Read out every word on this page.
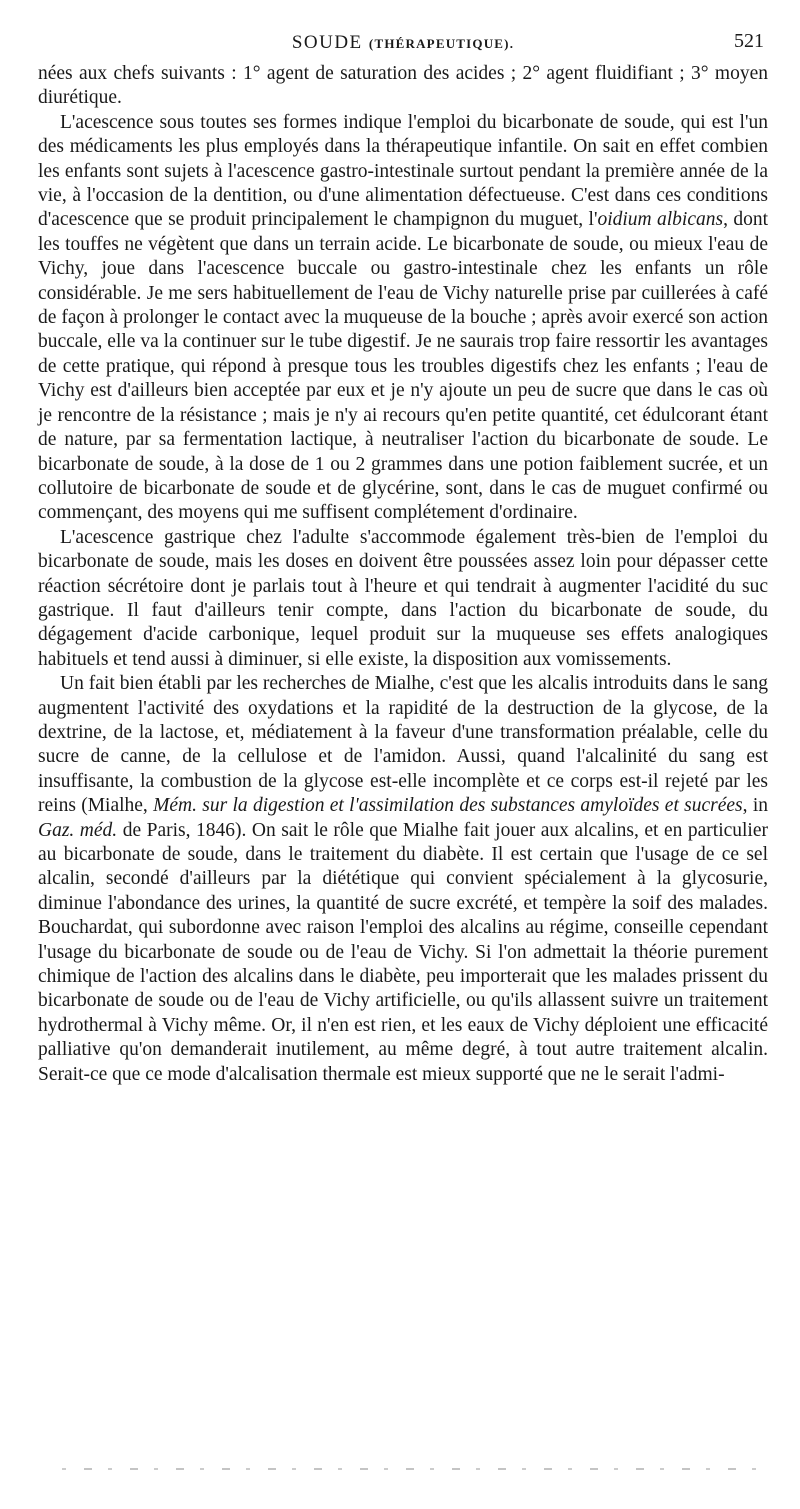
SOUDE (THÉRAPEUTIQUE).	521

nées aux chefs suivants : 1° agent de saturation des acides ; 2° agent fluidifiant ; 3° moyen diurétique.

L'acescence sous toutes ses formes indique l'emploi du bicarbonate de soude, qui est l'un des médicaments les plus employés dans la thérapeutique infantile. On sait en effet combien les enfants sont sujets à l'acescence gastro-intestinale surtout pendant la première année de la vie, à l'occasion de la dentition, ou d'une alimentation défectueuse. C'est dans ces conditions d'acescence que se produit principalement le champignon du muguet, l'oidium albicans, dont les touffes ne végètent que dans un terrain acide. Le bicarbonate de soude, ou mieux l'eau de Vichy, joue dans l'acescence buccale ou gastro-intestinale chez les enfants un rôle considérable. Je me sers habituellement de l'eau de Vichy naturelle prise par cuillerées à café de façon à prolonger le contact avec la muqueuse de la bouche ; après avoir exercé son action buccale, elle va la continuer sur le tube digestif. Je ne saurais trop faire ressortir les avantages de cette pratique, qui répond à presque tous les troubles digestifs chez les enfants ; l'eau de Vichy est d'ailleurs bien acceptée par eux et je n'y ajoute un peu de sucre que dans le cas où je rencontre de la résistance ; mais je n'y ai recours qu'en petite quantité, cet édulcorant étant de nature, par sa fermentation lactique, à neutraliser l'action du bicarbonate de soude. Le bicarbonate de soude, à la dose de 1 ou 2 grammes dans une potion faiblement sucrée, et un collutoire de bicarbonate de soude et de glycérine, sont, dans le cas de muguet confirmé ou commençant, des moyens qui me suffisent complétement d'ordinaire.

L'acescence gastrique chez l'adulte s'accommode également très-bien de l'emploi du bicarbonate de soude, mais les doses en doivent être poussées assez loin pour dépasser cette réaction sécrétoire dont je parlais tout à l'heure et qui tendrait à augmenter l'acidité du suc gastrique. Il faut d'ailleurs tenir compte, dans l'action du bicarbonate de soude, du dégagement d'acide carbonique, lequel produit sur la muqueuse ses effets analogiques habituels et tend aussi à diminuer, si elle existe, la disposition aux vomissements.

Un fait bien établi par les recherches de Mialhe, c'est que les alcalis introduits dans le sang augmentent l'activité des oxydations et la rapidité de la destruction de la glycose, de la dextrine, de la lactose, et, médiatement à la faveur d'une transformation préalable, celle du sucre de canne, de la cellulose et de l'amidon. Aussi, quand l'alcalinité du sang est insuffisante, la combustion de la glycose est-elle incomplète et ce corps est-il rejeté par les reins (Mialhe, Mém. sur la digestion et l'assimilation des substances amyloïdes et sucrées, in Gaz. méd. de Paris, 1846). On sait le rôle que Mialhe fait jouer aux alcalins, et en particulier au bicarbonate de soude, dans le traitement du diabète. Il est certain que l'usage de ce sel alcalin, secondé d'ailleurs par la diététique qui convient spécialement à la glycosurie, diminue l'abondance des urines, la quantité de sucre excrété, et tempère la soif des malades. Bouchardat, qui subordonne avec raison l'emploi des alcalins au régime, conseille cependant l'usage du bicarbonate de soude ou de l'eau de Vichy. Si l'on admettait la théorie purement chimique de l'action des alcalins dans le diabète, peu importerait que les malades prissent du bicarbonate de soude ou de l'eau de Vichy artificielle, ou qu'ils allassent suivre un traitement hydrothermal à Vichy même. Or, il n'en est rien, et les eaux de Vichy déploient une efficacité palliative qu'on demanderait inutilement, au même degré, à tout autre traitement alcalin. Serait-ce que ce mode d'alcalisation thermale est mieux supporté que ne le serait l'admi-
